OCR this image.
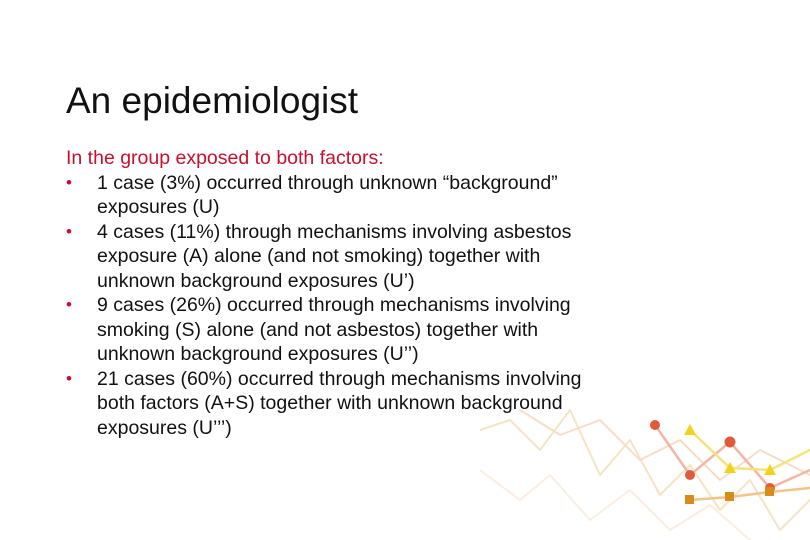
An epidemiologist

In the group exposed to both factors:

•	1 case (3%) occurred through unknown “background”
exposures (U)
•	4 cases (11%) through mechanisms involving asbestos
exposure (A) alone (and not smoking) together with
unknown background exposures (U’)
•	9 cases (26%) occurred through mechanisms involving
smoking (S) alone (and not asbestos) together with
unknown background exposures (U’’)
•	21 cases (60%) occurred through mechanisms involving
both factors (A+S) together with unknown background
exposures (U’’’)
